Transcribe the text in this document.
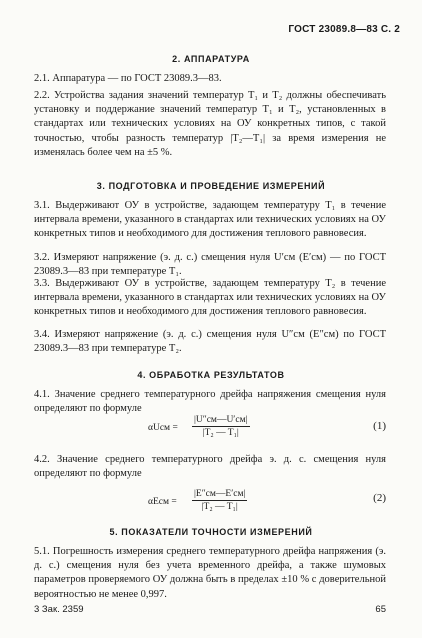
ГОСТ 23089.8—83 С. 2
2. АППАРАТУРА
2.1. Аппаратура — по ГОСТ 23089.3—83.
2.2. Устройства задания значений температур T₁ и T₂ должны обеспечивать установку и поддержание значений температур T₁ и T₂, установленных в стандартах или технических условиях на ОУ конкретных типов, с такой точностью, чтобы разность температур |T₂—T₁| за время измерения не изменялась более чем на ±5 %.
3. ПОДГОТОВКА И ПРОВЕДЕНИЕ ИЗМЕРЕНИЙ
3.1. Выдерживают ОУ в устройстве, задающем температуру T₁ в течение интервала времени, указанного в стандартах или технических условиях на ОУ конкретных типов и необходимого для достижения теплового равновесия.
3.2. Измеряют напряжение (э. д. с.) смещения нуля U′см (E′см) — по ГОСТ 23089.3—83 при температуре T₁.
3.3. Выдерживают ОУ в устройстве, задающем температуру T₂ в течение интервала времени, указанного в стандартах или технических условиях на ОУ конкретных типов и необходимого для достижения теплового равновесия.
3.4. Измеряют напряжение (э. д. с.) смещения нуля U″см (E″см) по ГОСТ 23089.3—83 при температуре T₂.
4. ОБРАБОТКА РЕЗУЛЬТАТОВ
4.1. Значение среднего температурного дрейфа напряжения смещения нуля определяют по формуле
αUсм =
|U″см—U′см|
|T₂ — T₁|
(1)
4.2. Значение среднего температурного дрейфа э. д. с. смещения нуля определяют по формуле
αEсм =
|E″см—E′см|
|T₂ — T₁|
(2)
5. ПОКАЗАТЕЛИ ТОЧНОСТИ ИЗМЕРЕНИЙ
5.1. Погрешность измерения среднего температурного дрейфа напряжения (э. д. с.) смещения нуля без учета временного дрейфа, а также шумовых параметров проверяемого ОУ должна быть в пределах ±10 % с доверительной вероятностью не менее 0,997.
3 Зак. 2359	65
